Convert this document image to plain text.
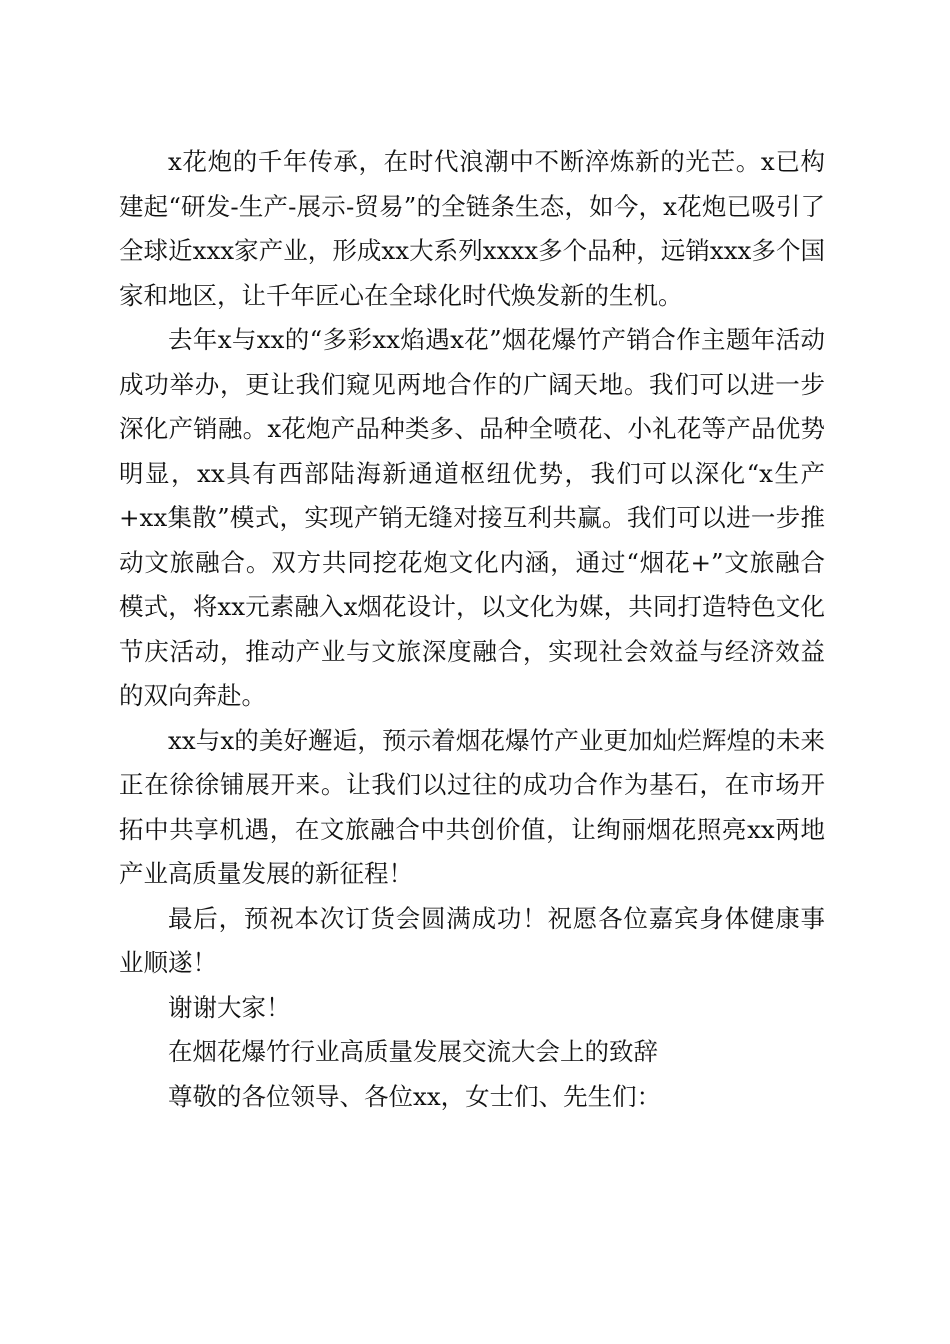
x花炮的千年传承，在时代浪潮中不断淬炼新的光芒。x已构建起“研发-生产-展示-贸易”的全链条生态，如今，x花炮已吸引了全球近xxx家产业，形成xx大系列xxxx多个品种，远销xxx多个国家和地区，让千年匠心在全球化时代焕发新的生机。

去年x与xx的“多彩xx焰遇x花”烟花爆竹产销合作主题年活动成功举办，更让我们窥见两地合作的广阔天地。我们可以进一步深化产销融。x花炮产品种类多、品种全喷花、小礼花等产品优势明显，xx具有西部陆海新通道枢纽优势，我们可以深化“x生产+xx集散”模式，实现产销无缝对接互利共赢。我们可以进一步推动文旅融合。双方共同挖花炮文化内涵，通过“烟花+”文旅融合模式，将xx元素融入x烟花设计，以文化为媒，共同打造特色文化节庆活动，推动产业与文旅深度融合，实现社会效益与经济效益的双向奔赴。

xx与x的美好邂逅，预示着烟花爆竹产业更加灿烂辉煌的未来正在徐徐铺展开来。让我们以过往的成功合作为基石，在市场开拓中共享机遇，在文旅融合中共创价值，让绚丽烟花照亮xx两地产业高质量发展的新征程！

最后，预祝本次订货会圆满成功！祝愿各位嘉宾身体健康事业顺遂！

谢谢大家！

在烟花爆竹行业高质量发展交流大会上的致辞

尊敬的各位领导、各位xx，女士们、先生们：
